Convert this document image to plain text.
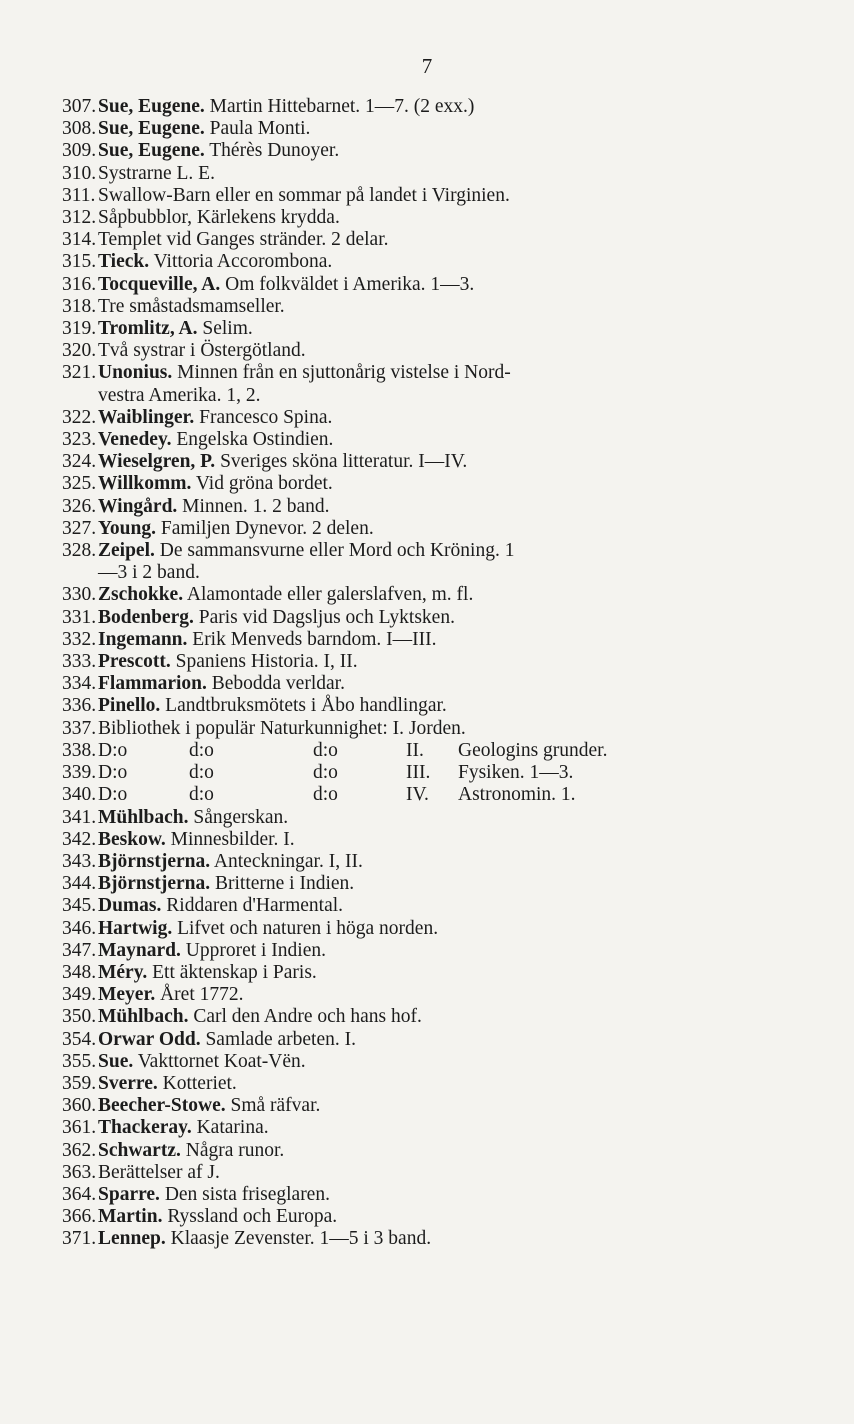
7
307. Sue, Eugene. Martin Hittebarnet. 1—7. (2 exx.)
308. Sue, Eugene. Paula Monti.
309. Sue, Eugene. Thérès Dunoyer.
310. Systrarne L. E.
311. Swallow-Barn eller en sommar på landet i Virginien.
312. Såpbubblor, Kärlekens krydda.
314. Templet vid Ganges stränder. 2 delar.
315. Tieck. Vittoria Accorombona.
316. Tocqueville, A. Om folkväldet i Amerika. 1—3.
318. Tre småstadsmamseller.
319. Tromlitz, A. Selim.
320. Två systrar i Östergötland.
321. Unonius. Minnen från en sjuttonårig vistelse i Nord-
vestra Amerika. 1, 2.
322. Waiblinger. Francesco Spina.
323. Venedey. Engelska Ostindien.
324. Wieselgren, P. Sveriges sköna litteratur. I—IV.
325. Willkomm. Vid gröna bordet.
326. Wingård. Minnen. 1. 2 band.
327. Young. Familjen Dynevor. 2 delen.
328. Zeipel. De sammansvurne eller Mord och Kröning. 1
—3 i 2 band.
330. Zschokke. Alamontade eller galerslafven, m. fl.
331. Bodenberg. Paris vid Dagsljus och Lyktsken.
332. Ingemann. Erik Menveds barndom. I—III.
333. Prescott. Spaniens Historia. I, II.
334. Flammarion. Bebodda verldar.
336. Pinello. Landtbruksmötets i Åbo handlingar.
337. Bibliothek i populär Naturkunnighet: I. Jorden.
338. D:o	d:o	d:o	II.	Geologins grunder.
339. D:o	d:o	d:o	III.	Fysiken. 1—3.
340. D:o	d:o	d:o	IV.	Astronomin. 1.
341. Mühlbach. Sångerskan.
342. Beskow. Minnesbilder. I.
343. Björnstjerna. Anteckningar. I, II.
344. Björnstjerna. Britterne i Indien.
345. Dumas. Riddaren d'Harmental.
346. Hartwig. Lifvet och naturen i höga norden.
347. Maynard. Upproret i Indien.
348. Méry. Ett äktenskap i Paris.
349. Meyer. Året 1772.
350. Mühlbach. Carl den Andre och hans hof.
354. Orwar Odd. Samlade arbeten. I.
355. Sue. Vakttornet Koat-Vën.
359. Sverre. Kotteriet.
360. Beecher-Stowe. Små räfvar.
361. Thackeray. Katarina.
362. Schwartz. Några runor.
363. Berättelser af J.
364. Sparre. Den sista friseglaren.
366. Martin. Ryssland och Europa.
371. Lennep. Klaasje Zevenster. 1—5 i 3 band.
